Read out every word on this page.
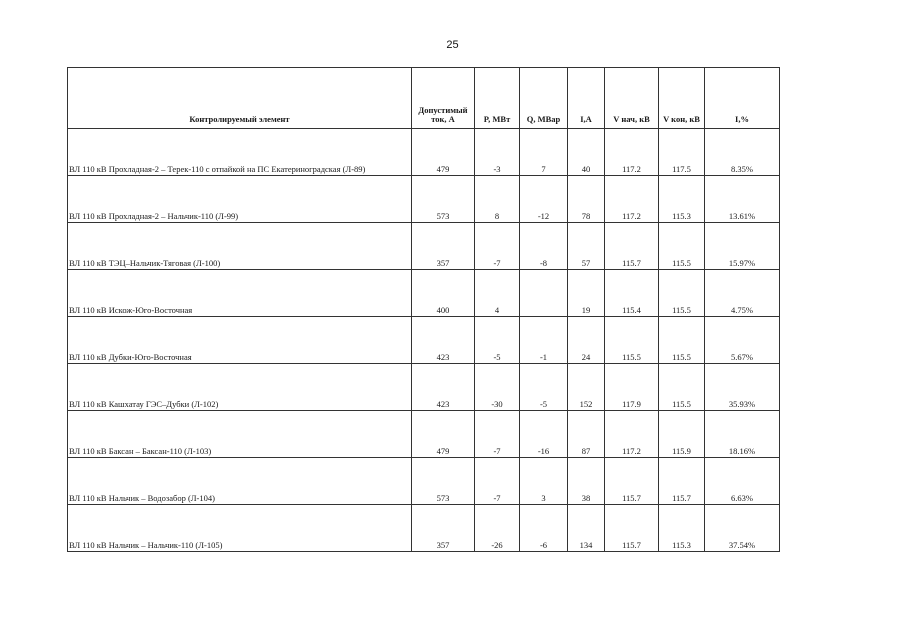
25
Контролируемый элемент	Допустимый ток, А	P, МВт	Q, МВар	I,А	V нач, кВ	V кон, кВ	I,%
ВЛ 110 кВ Прохладная-2 – Терек-110 с отпайкой на ПС Екатериноградская (Л-89)	479	-3	7	40	117.2	117.5	8.35%
ВЛ 110 кВ Прохладная-2 – Нальчик-110 (Л-99)	573	8	-12	78	117.2	115.3	13.61%
ВЛ 110 кВ ТЭЦ–Нальчик-Тяговая (Л-100)	357	-7	-8	57	115.7	115.5	15.97%
ВЛ 110 кВ Искож-Юго-Восточная	400	4		19	115.4	115.5	4.75%
ВЛ 110 кВ Дубки-Юго-Восточная	423	-5	-1	24	115.5	115.5	5.67%
ВЛ 110 кВ Кашхатау ГЭС–Дубки (Л-102)	423	-30	-5	152	117.9	115.5	35.93%
ВЛ 110 кВ Баксан – Баксан-110 (Л-103)	479	-7	-16	87	117.2	115.9	18.16%
ВЛ 110 кВ Нальчик – Водозабор (Л-104)	573	-7	3	38	115.7	115.7	6.63%
ВЛ 110 кВ Нальчик – Нальчик-110 (Л-105)	357	-26	-6	134	115.7	115.3	37.54%
